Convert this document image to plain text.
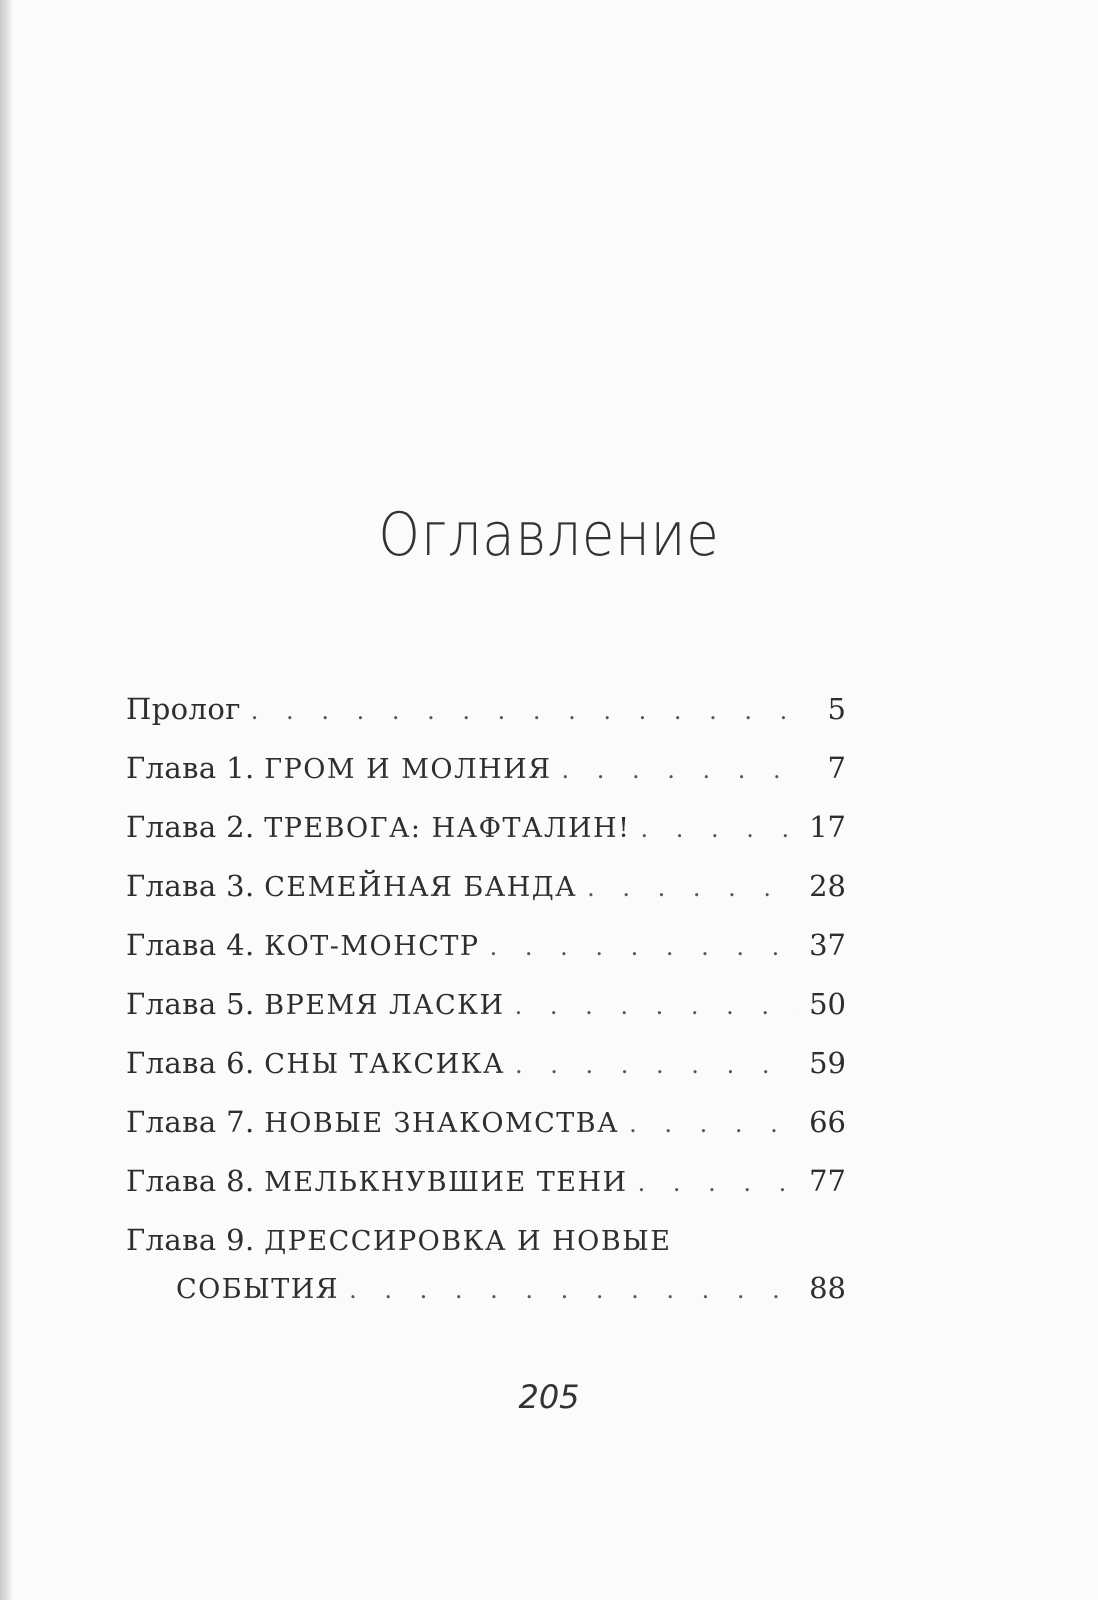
Оглавление
Пролог . . .	5
Глава 1. ГРОМ И МОЛНИЯ . . .	7
Глава 2. ТРЕВОГА: НАФТАЛИН! . . .	17
Глава 3. СЕМЕЙНАЯ БАНДА . . .	28
Глава 4. КОТ-МОНСТР . . .	37
Глава 5. ВРЕМЯ ЛАСКИ . . .	50
Глава 6. СНЫ ТАКСИКА . . .	59
Глава 7. НОВЫЕ ЗНАКОМСТВА . . .	66
Глава 8. МЕЛЬКНУВШИЕ ТЕНИ . . .	77
Глава 9. ДРЕССИРОВКА И НОВЫЕ
СОБЫТИЯ . . .	88
205
